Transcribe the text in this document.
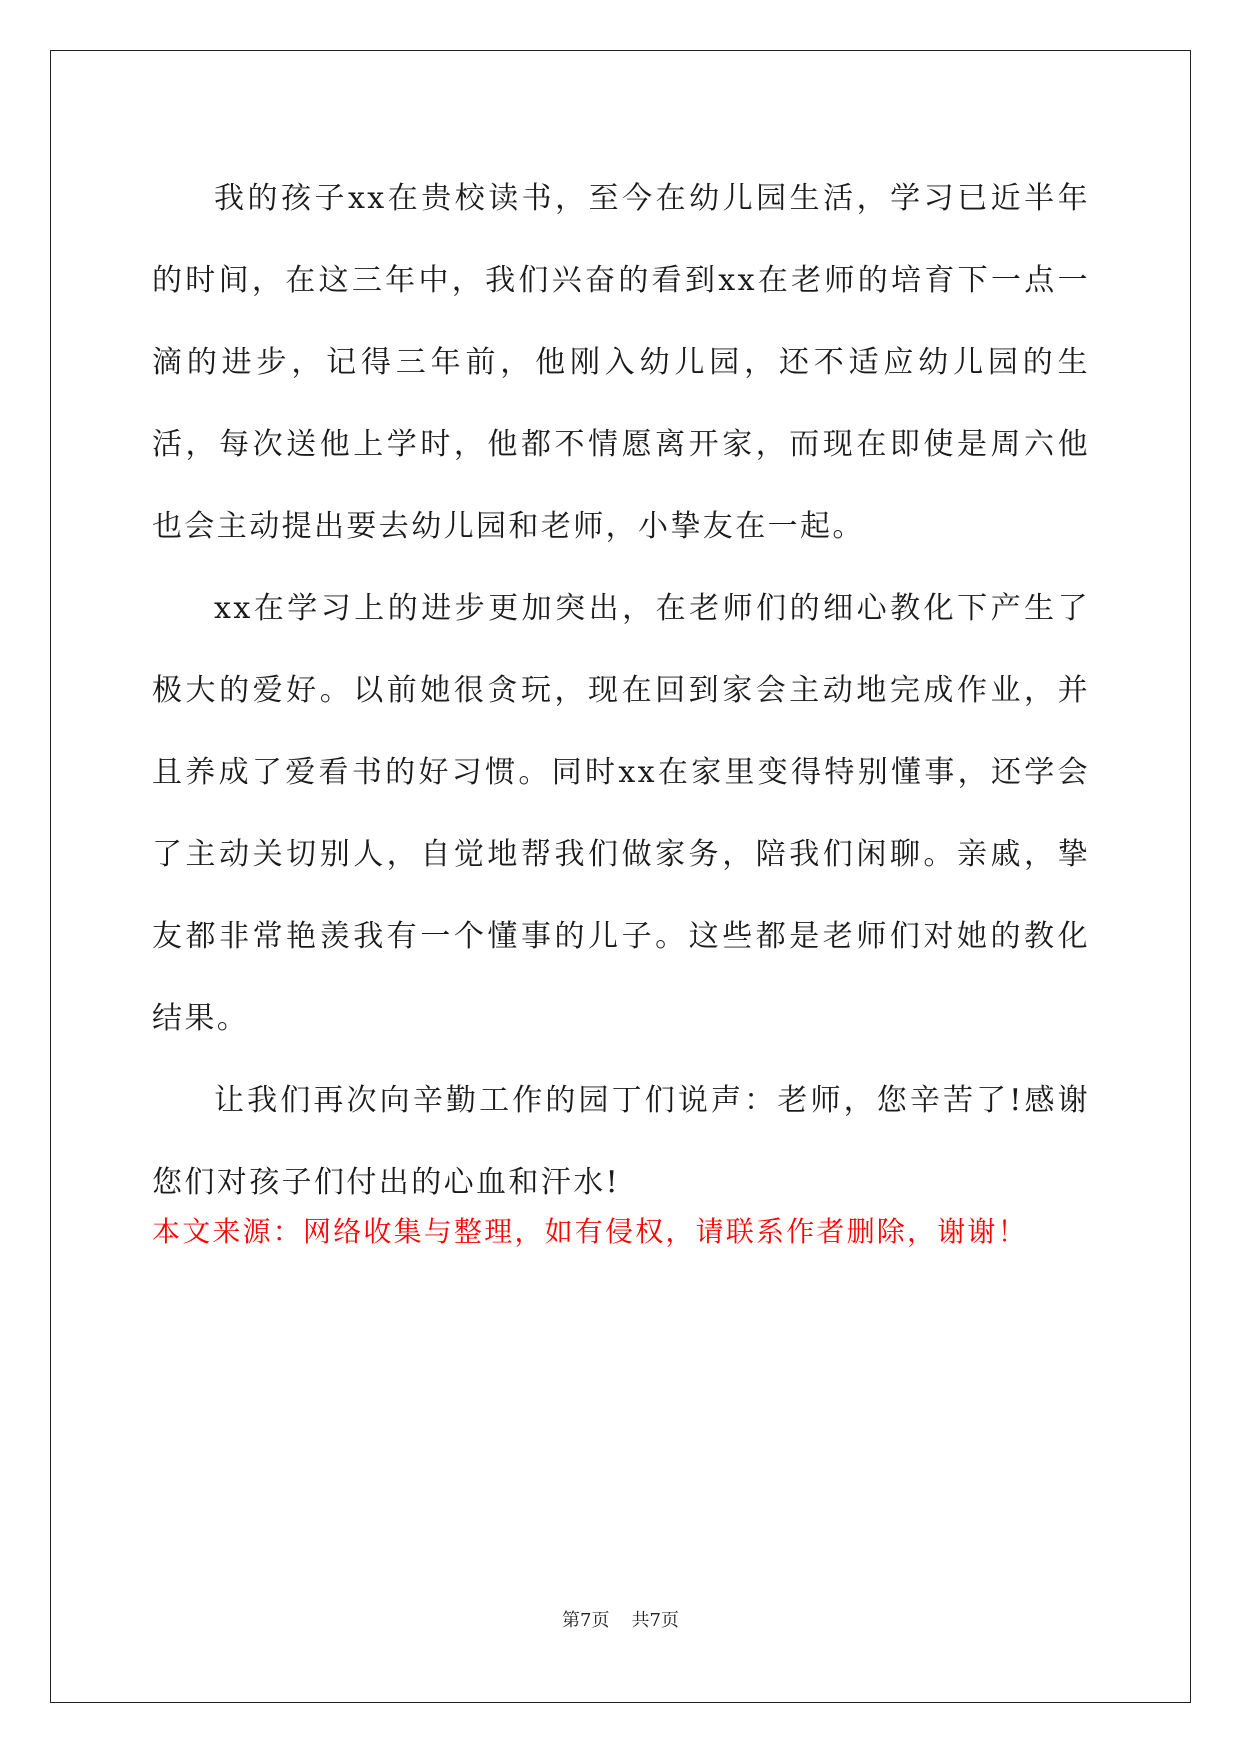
我的孩子xx在贵校读书，至今在幼儿园生活，学习已近半年的时间，在这三年中，我们兴奋的看到xx在老师的培育下一点一滴的进步，记得三年前，他刚入幼儿园，还不适应幼儿园的生活，每次送他上学时，他都不情愿离开家，而现在即使是周六他也会主动提出要去幼儿园和老师，小挚友在一起。

xx在学习上的进步更加突出，在老师们的细心教化下产生了极大的爱好。以前她很贪玩，现在回到家会主动地完成作业，并且养成了爱看书的好习惯。同时xx在家里变得特别懂事，还学会了主动关切别人，自觉地帮我们做家务，陪我们闲聊。亲戚，挚友都非常艳羡我有一个懂事的儿子。这些都是老师们对她的教化结果。

让我们再次向辛勤工作的园丁们说声：老师，您辛苦了!感谢您们对孩子们付出的心血和汗水!

本文来源：网络收集与整理，如有侵权，请联系作者删除，谢谢！

第7页 共7页
